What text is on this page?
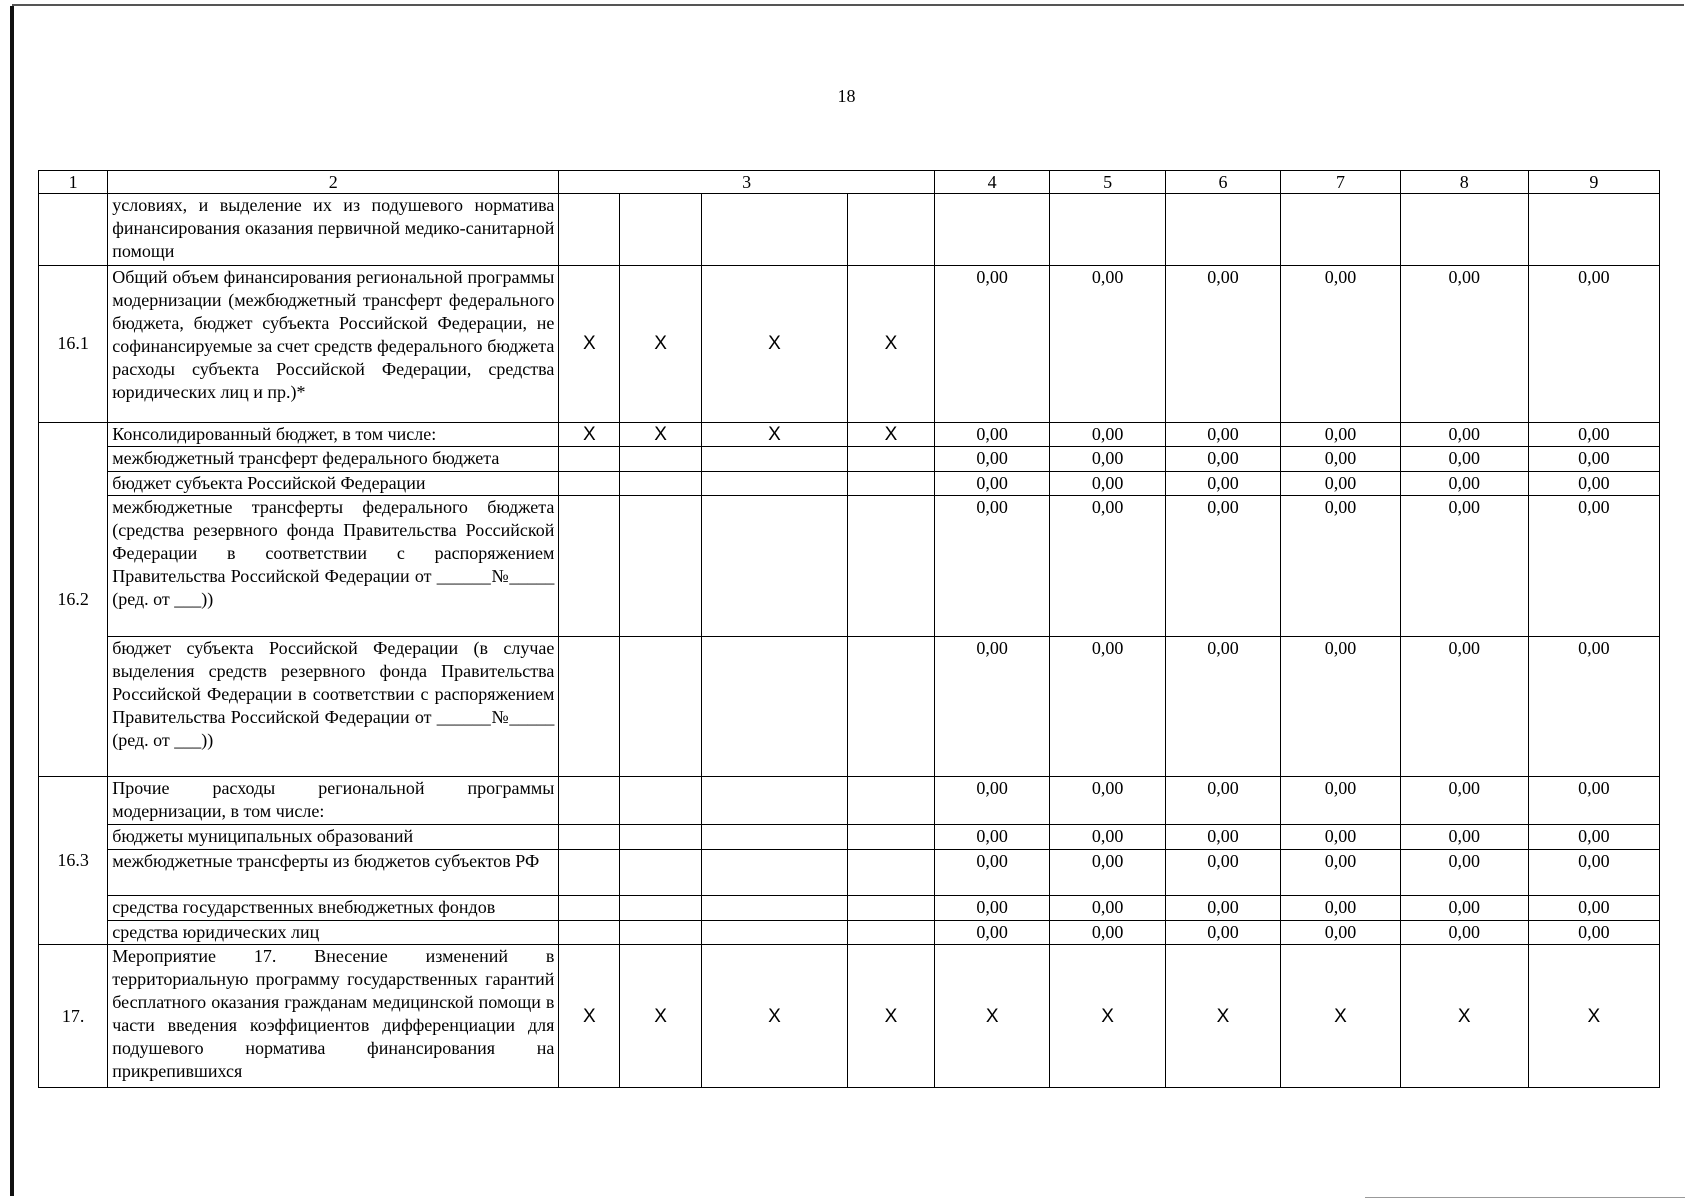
18
1	2	3				4	5	6	7	8	9
	условиях, и выделение их из подушевого норматива финансирования оказания первичной медико-санитарной помощи										
16.1	Общий объем финансирования региональной программы модернизации (межбюджетный трансферт федерального бюджета, бюджет субъекта Российской Федерации, не софинансируемые за счет средств федерального бюджета расходы субъекта Российской Федерации, средства юридических лиц и пр.)*	X	X	X	X	0,00	0,00	0,00	0,00	0,00	0,00
16.2	Консолидированный бюджет, в том числе:	X	X	X	X	0,00	0,00	0,00	0,00	0,00	0,00
	межбюджетный трансферт федерального бюджета					0,00	0,00	0,00	0,00	0,00	0,00
	бюджет субъекта Российской Федерации					0,00	0,00	0,00	0,00	0,00	0,00
	межбюджетные трансферты федерального бюджета (средства резервного фонда Правительства Российской Федерации в соответствии с распоряжением Правительства Российской Федерации от ______№_____ (ред. от ___))					0,00	0,00	0,00	0,00	0,00	0,00
	бюджет субъекта Российской Федерации (в случае выделения средств резервного фонда Правительства Российской Федерации в соответствии с распоряжением Правительства Российской Федерации от ______№_____ (ред. от ___))					0,00	0,00	0,00	0,00	0,00	0,00
16.3	Прочие расходы региональной программы модернизации, в том числе:					0,00	0,00	0,00	0,00	0,00	0,00
	бюджеты муниципальных образований					0,00	0,00	0,00	0,00	0,00	0,00
	межбюджетные трансферты из бюджетов субъектов РФ					0,00	0,00	0,00	0,00	0,00	0,00
	средства государственных внебюджетных фондов					0,00	0,00	0,00	0,00	0,00	0,00
	средства юридических лиц					0,00	0,00	0,00	0,00	0,00	0,00
17.	Мероприятие 17. Внесение изменений в территориальную программу государственных гарантий бесплатного оказания гражданам медицинской помощи в части введения коэффициентов дифференциации для подушевого норматива финансирования на прикрепившихся	X	X	X	X	X	X	X	X	X	X
